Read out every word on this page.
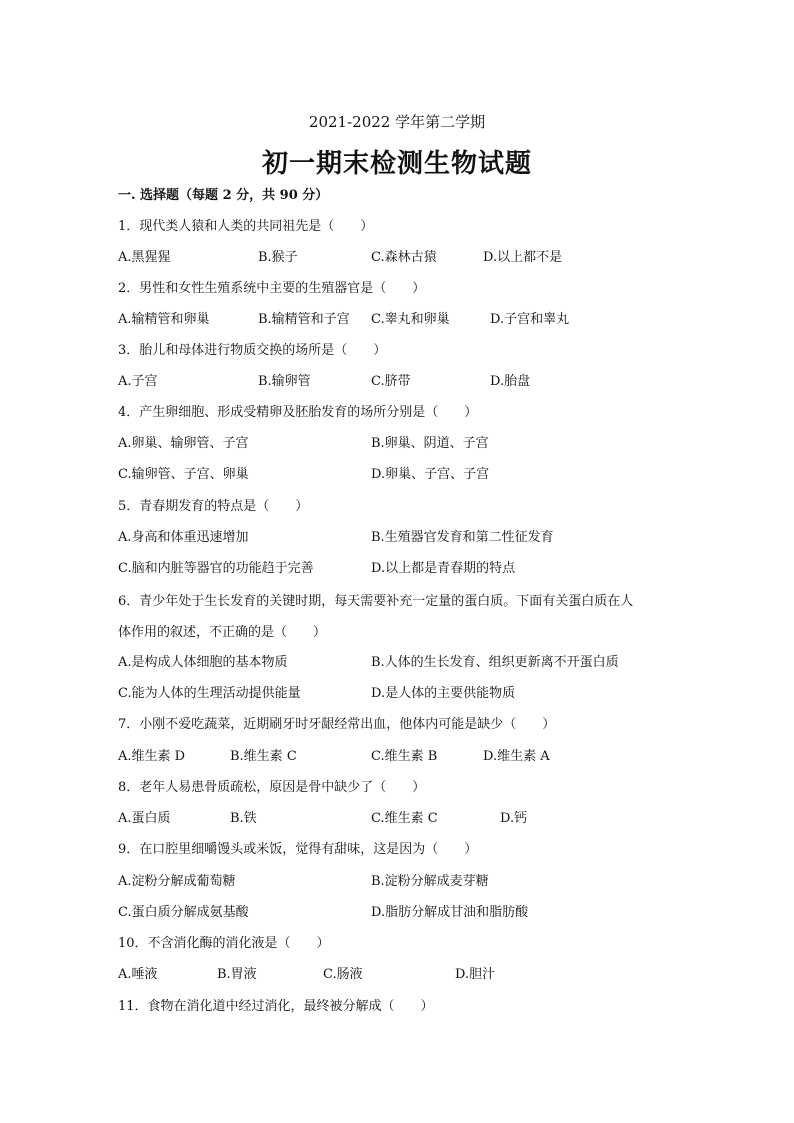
2021-2022 学年第二学期
初一期末检测生物试题
一. 选择题（每题 2 分，共 90 分）
1．现代类人猿和人类的共同祖先是（　　）
A.黑猩猩	B.猴子	C.森林古猿	D.以上都不是
2．男性和女性生殖系统中主要的生殖器官是（　　）
A.输精管和卵巢	B.输精管和子宫 C.睾丸和卵巢	D.子宫和睾丸
3．胎儿和母体进行物质交换的场所是（　　）
A.子宫	B.输卵管	C.脐带	D.胎盘
4．产生卵细胞、形成受精卵及胚胎发育的场所分别是（　　）
A.卵巢、输卵管、子宫	B.卵巢、阴道、子宫
C.输卵管、子宫、卵巢	D.卵巢、子宫、子宫
5．青春期发育的特点是（　　）
A.身高和体重迅速增加	B.生殖器官发育和第二性征发育
C.脑和内脏等器官的功能趋于完善	D.以上都是青春期的特点
6．青少年处于生长发育的关键时期，每天需要补充一定量的蛋白质。下面有关蛋白质在人
体作用的叙述，不正确的是（　　）
A.是构成人体细胞的基本物质	B.人体的生长发育、组织更新离不开蛋白质
C.能为人体的生理活动提供能量	D.是人体的主要供能物质
7．小刚不爱吃蔬菜，近期刷牙时牙龈经常出血，他体内可能是缺少（　　）
A.维生素 D	B.维生素 C	C.维生素 B	D.维生素 A
8．老年人易患骨质疏松，原因是骨中缺少了（　　）
A.蛋白质	B.铁	C.维生素 C	D.钙
9．在口腔里细嚼馒头或米饭，觉得有甜味，这是因为（　　）
A.淀粉分解成葡萄糖	B.淀粉分解成麦芽糖
C.蛋白质分解成氨基酸	D.脂肪分解成甘油和脂肪酸
10．不含消化酶的消化液是（　　）
A.唾液	B.胃液	C.肠液	D.胆汁
11．食物在消化道中经过消化，最终被分解成（　　）
